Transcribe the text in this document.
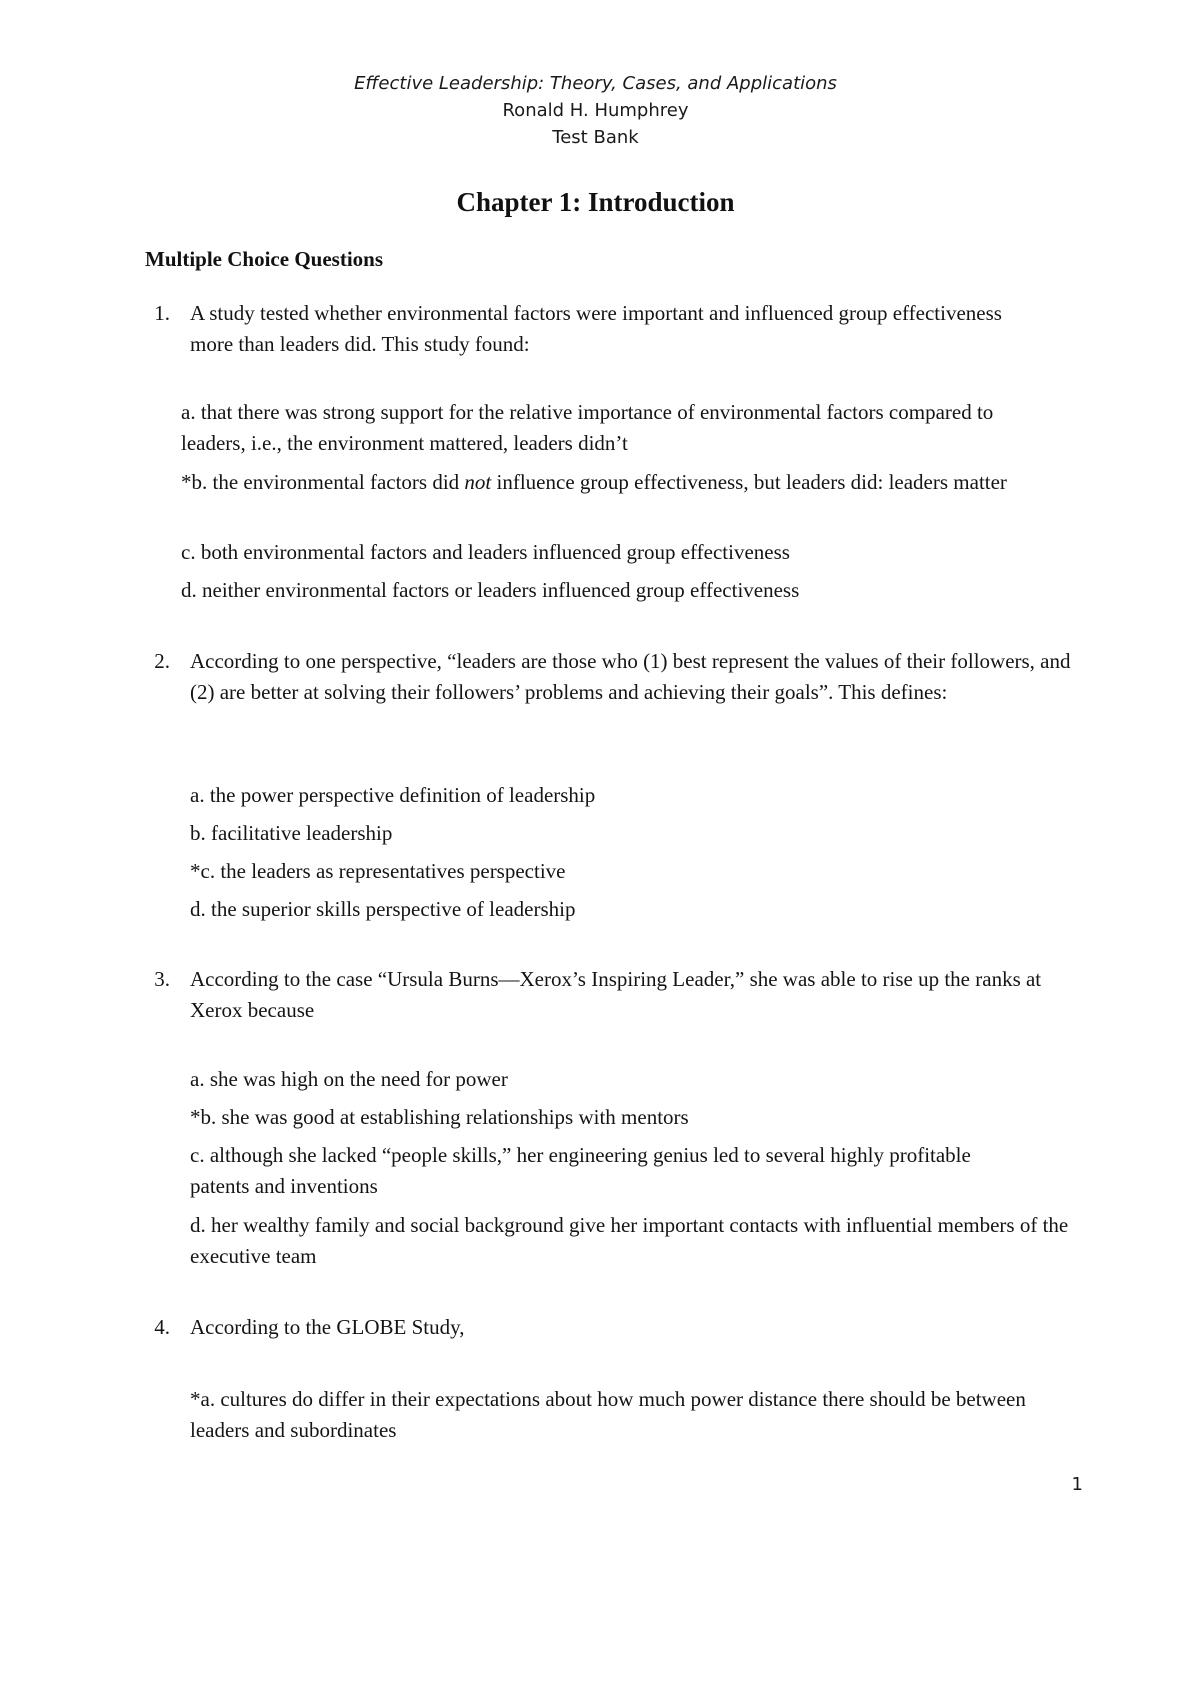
Effective Leadership: Theory, Cases, and Applications
Ronald H. Humphrey
Test Bank
Chapter 1: Introduction
Multiple Choice Questions
1. A study tested whether environmental factors were important and influenced group effectiveness more than leaders did. This study found:
a. that there was strong support for the relative importance of environmental factors compared to leaders, i.e., the environment mattered, leaders didn’t
*b. the environmental factors did not influence group effectiveness, but leaders did: leaders matter
c. both environmental factors and leaders influenced group effectiveness
d. neither environmental factors or leaders influenced group effectiveness
2. According to one perspective, “leaders are those who (1) best represent the values of their followers, and (2) are better at solving their followers’ problems and achieving their goals”. This defines:
a. the power perspective definition of leadership
b. facilitative leadership
*c. the leaders as representatives perspective
d. the superior skills perspective of leadership
3. According to the case “Ursula Burns—Xerox’s Inspiring Leader,” she was able to rise up the ranks at Xerox because
a. she was high on the need for power
*b. she was good at establishing relationships with mentors
c. although she lacked “people skills,” her engineering genius led to several highly profitable patents and inventions
d. her wealthy family and social background give her important contacts with influential members of the executive team
4. According to the GLOBE Study,
*a. cultures do differ in their expectations about how much power distance there should be between leaders and subordinates
1
